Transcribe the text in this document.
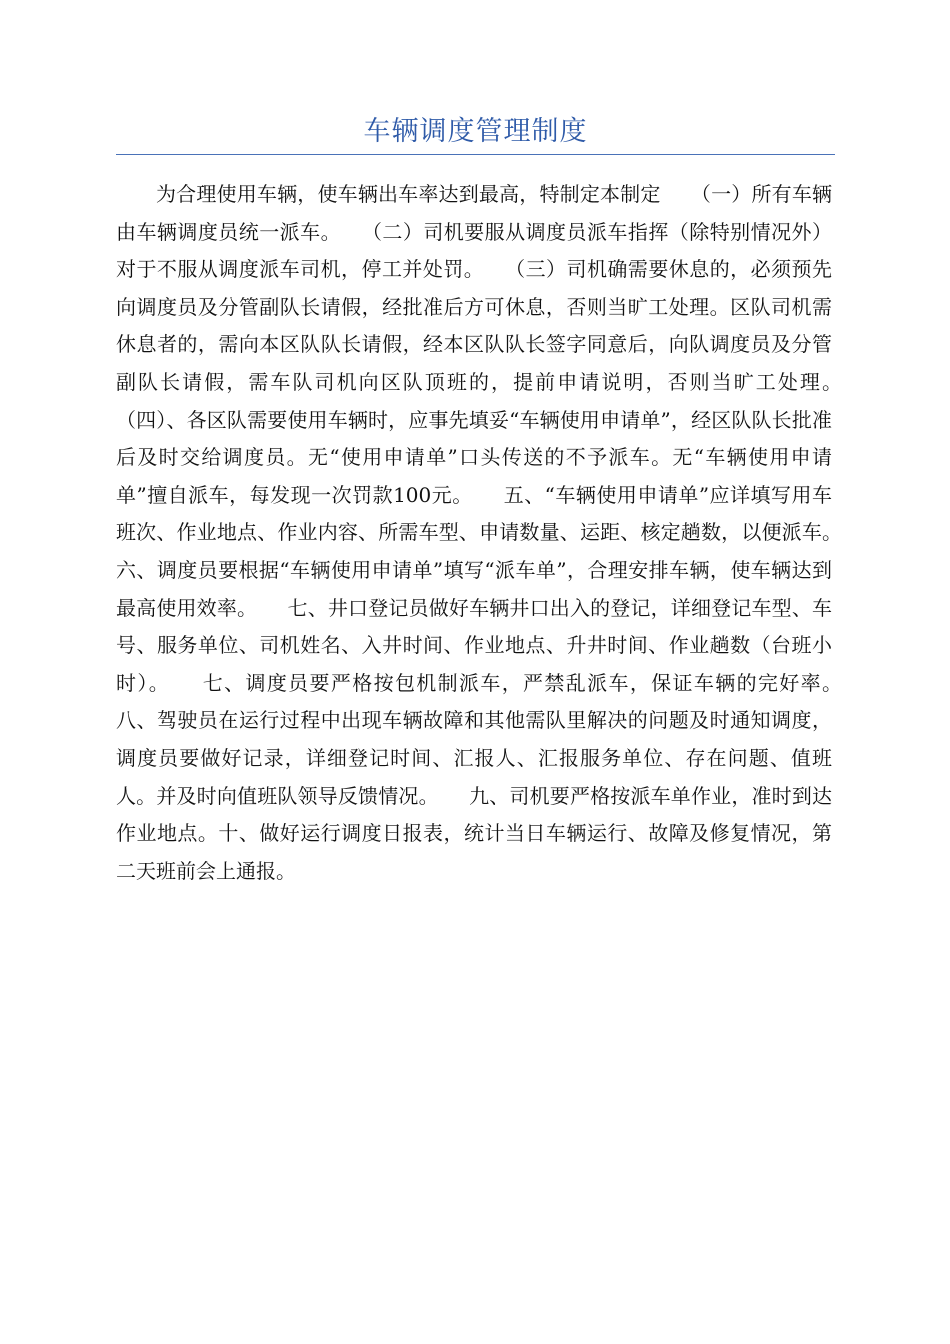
车辆调度管理制度

为合理使用车辆，使车辆出车率达到最高，特制定本制定　　（一）所有车辆由车辆调度员统一派车。　　（二）司机要服从调度员派车指挥（除特别情况外）对于不服从调度派车司机，停工并处罚。　　（三）司机确需要休息的，必须预先向调度员及分管副队长请假，经批准后方可休息，否则当旷工处理。区队司机需休息者的，需向本区队队长请假，经本区队队长签字同意后，向队调度员及分管副队长请假，需车队司机向区队顶班的，提前申请说明，否则当旷工处理。　　（四）、各区队需要使用车辆时，应事先填妥“车辆使用申请单”，经区队队长批准后及时交给调度员。无“使用申请单”口头传送的不予派车。无“车辆使用申请单”擅自派车，每发现一次罚款100元。　　五、“车辆使用申请单”应详填写用车班次、作业地点、作业内容、所需车型、申请数量、运距、核定趟数，以便派车。　　六、调度员要根据“车辆使用申请单”填写“派车单”，合理安排车辆，使车辆达到最高使用效率。　　七、井口登记员做好车辆井口出入的登记，详细登记车型、车号、服务单位、司机姓名、入井时间、作业地点、升井时间、作业趟数（台班小时）。　　七、调度员要严格按包机制派车，严禁乱派车，保证车辆的完好率。　　八、驾驶员在运行过程中出现车辆故障和其他需队里解决的问题及时通知调度，调度员要做好记录，详细登记时间、汇报人、汇报服务单位、存在问题、值班人。并及时向值班队领导反馈情况。　　九、司机要严格按派车单作业，准时到达作业地点。十、做好运行调度日报表，统计当日车辆运行、故障及修复情况，第二天班前会上通报。
